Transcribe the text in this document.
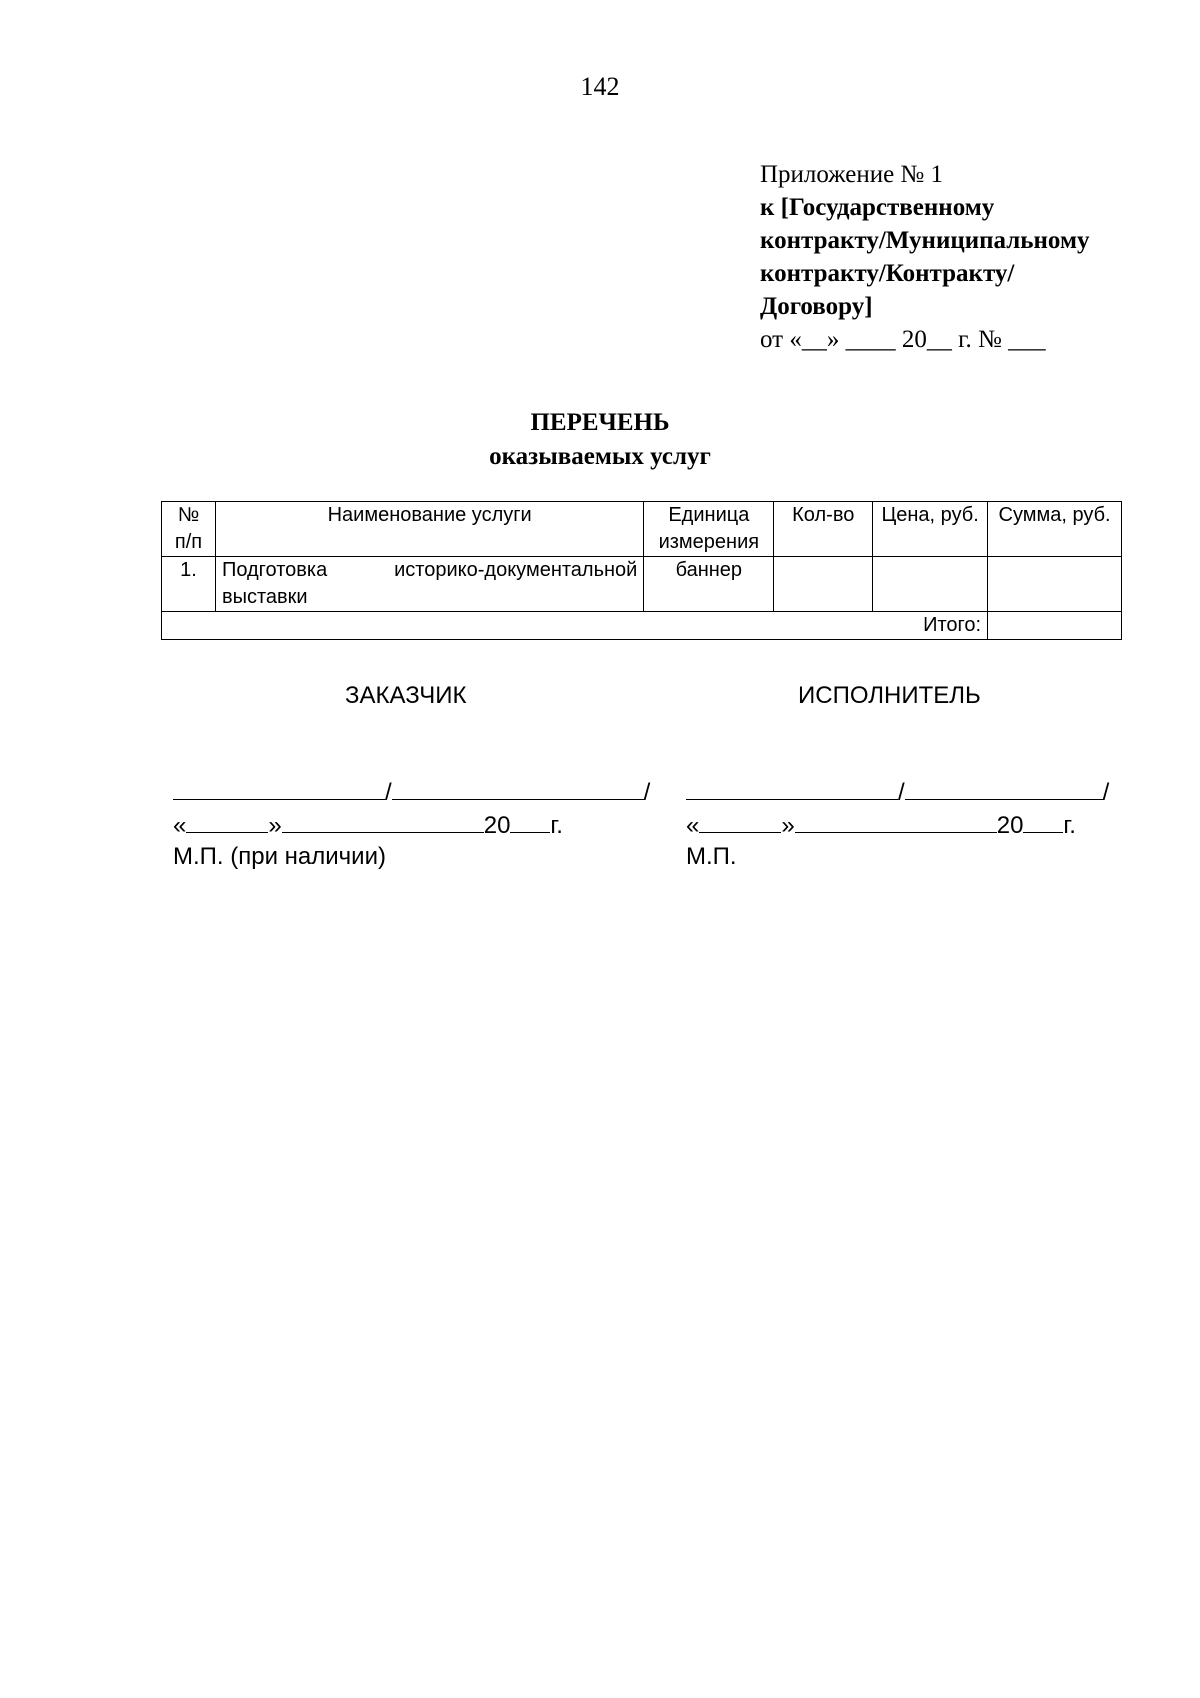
142
Приложение № 1
к [Государственному
контракту/Муниципальному
контракту/Контракту/
Договору]
от «__» ____ 20__ г. № ___
ПЕРЕЧЕНЬ
оказываемых услуг
№ п/п	Наименование услуги	Единица измерения	Кол-во	Цена, руб.	Сумма, руб.
1.	Подготовка историко-документальной выставки	баннер			
Итого:					
ЗАКАЗЧИК	ИСПОЛНИТЕЛЬ
/	/
«	»	20 г.
М.П. (при наличии)
/	/
«	»	20 г.
М.П.
